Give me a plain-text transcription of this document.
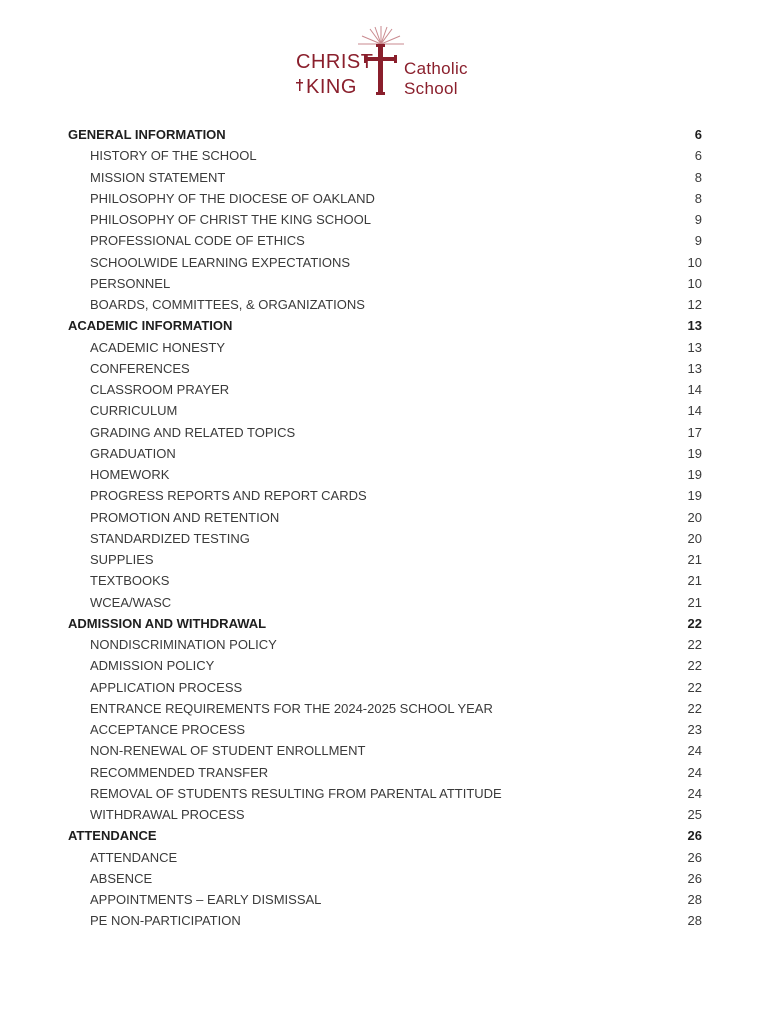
CHRIST
KING
Catholic
School
GENERAL INFORMATION	6
HISTORY OF THE SCHOOL	6
MISSION STATEMENT	8
PHILOSOPHY OF THE DIOCESE OF OAKLAND	8
PHILOSOPHY OF CHRIST THE KING SCHOOL	9
PROFESSIONAL CODE OF ETHICS	9
SCHOOLWIDE LEARNING EXPECTATIONS	10
PERSONNEL	10
BOARDS, COMMITTEES, & ORGANIZATIONS	12
ACADEMIC INFORMATION	13
ACADEMIC HONESTY	13
CONFERENCES	13
CLASSROOM PRAYER	14
CURRICULUM	14
GRADING AND RELATED TOPICS	17
GRADUATION	19
HOMEWORK	19
PROGRESS REPORTS AND REPORT CARDS	19
PROMOTION AND RETENTION	20
STANDARDIZED TESTING	20
SUPPLIES	21
TEXTBOOKS	21
WCEA/WASC	21
ADMISSION AND WITHDRAWAL	22
NONDISCRIMINATION POLICY	22
ADMISSION POLICY	22
APPLICATION PROCESS	22
ENTRANCE REQUIREMENTS FOR THE 2024-2025 SCHOOL YEAR	22
ACCEPTANCE PROCESS	23
NON-RENEWAL OF STUDENT ENROLLMENT	24
RECOMMENDED TRANSFER	24
REMOVAL OF STUDENTS RESULTING FROM PARENTAL ATTITUDE	24
WITHDRAWAL PROCESS	25
ATTENDANCE	26
ATTENDANCE	26
ABSENCE	26
APPOINTMENTS – EARLY DISMISSAL	28
PE NON-PARTICIPATION	28
